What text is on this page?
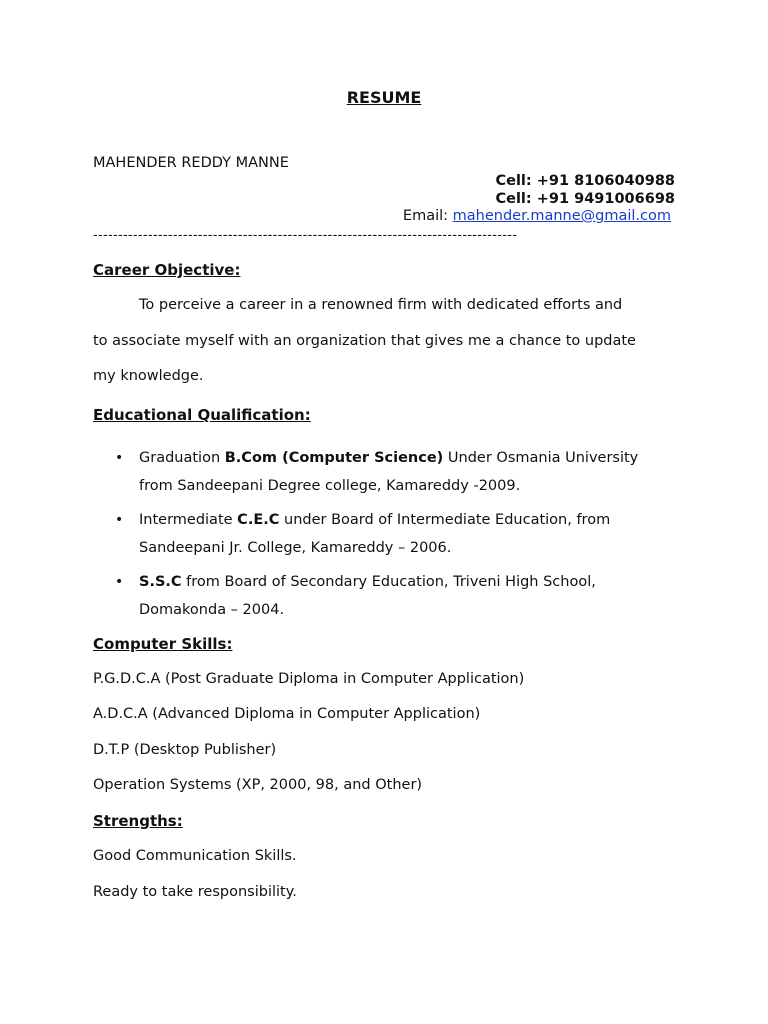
RESUME
MAHENDER REDDY MANNE
Cell: +91 8106040988
Cell: +91 9491006698
Email: mahender.manne@gmail.com
-------------------------------------------------------------------------------------
Career Objective:
To perceive a career in a renowned firm with dedicated efforts and
to associate myself with an organization that gives me a chance to update
my knowledge.
Educational Qualification:
• Graduation B.Com (Computer Science) Under Osmania University
from Sandeepani Degree college, Kamareddy -2009.
• Intermediate C.E.C under Board of Intermediate Education, from
Sandeepani Jr. College, Kamareddy – 2006.
• S.S.C from Board of Secondary Education, Triveni High School,
Domakonda – 2004.
Computer Skills:
P.G.D.C.A (Post Graduate Diploma in Computer Application)
A.D.C.A (Advanced Diploma in Computer Application)
D.T.P (Desktop Publisher)
Operation Systems (XP, 2000, 98, and Other)
Strengths:
Good Communication Skills.
Ready to take responsibility.
